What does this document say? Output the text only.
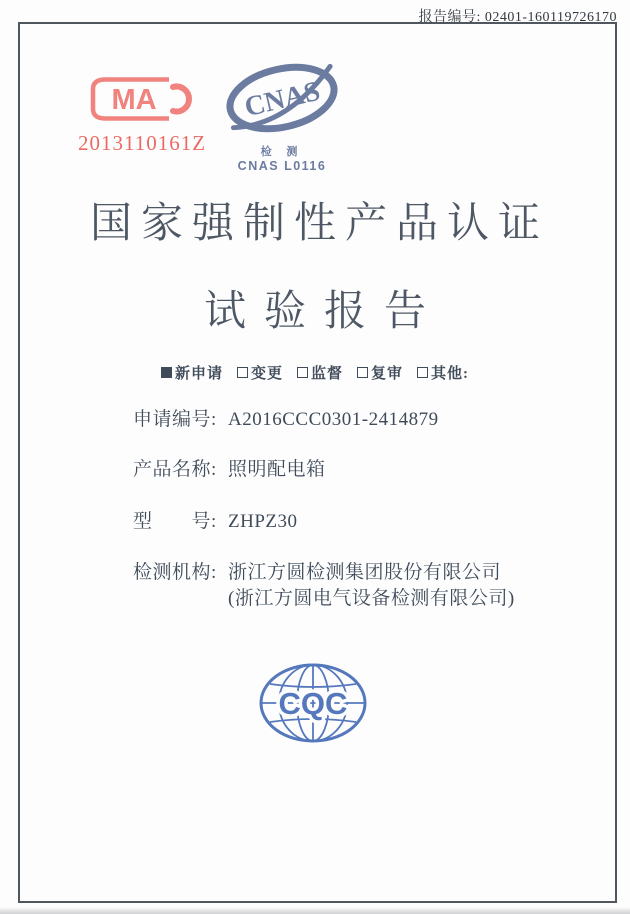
报告编号: 02401-160119726170
MA
2013110161Z
CNAS
检 测
CNAS L0116
国家强制性产品认证
试验报告
新申请 变更 监督 复审 其他:
申请编号: A2016CCC0301-2414879
产品名称: 照明配电箱
型　　号: ZHPZ30
检测机构: 浙江方圆检测集团股份有限公司
(浙江方圆电气设备检测有限公司)
CQC
